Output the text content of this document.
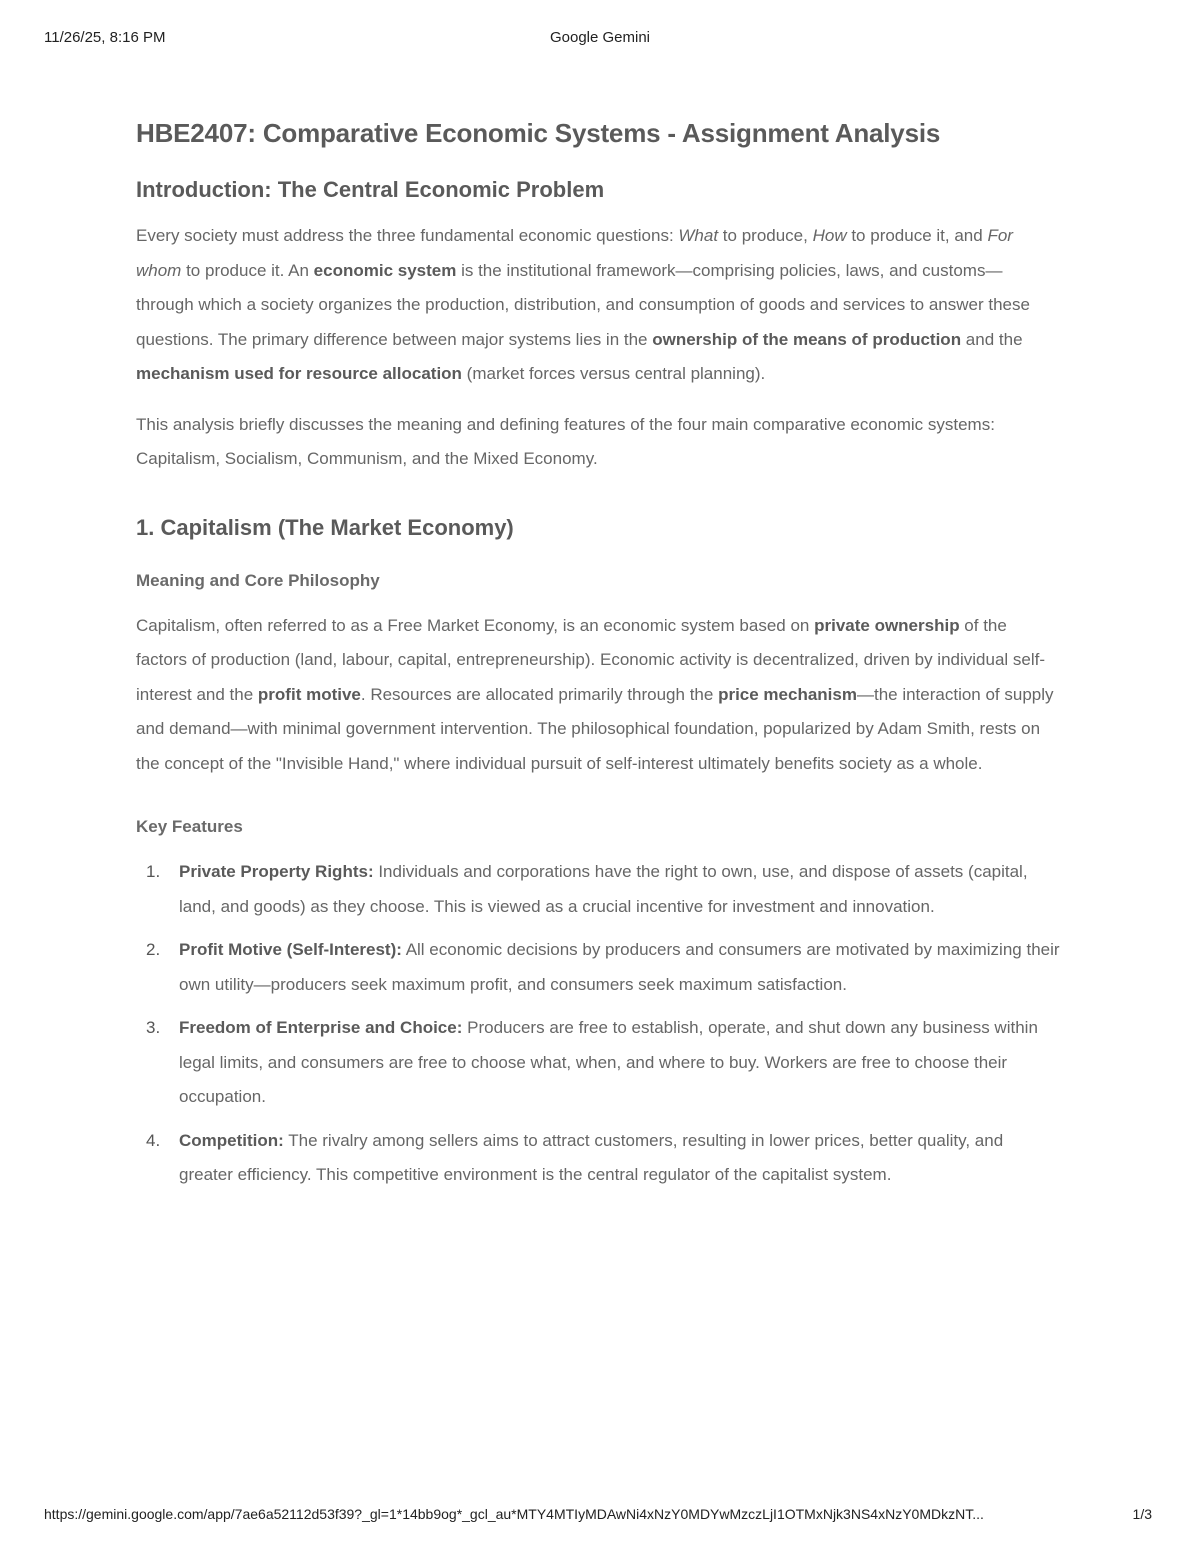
11/26/25, 8:16 PM	Google Gemini
HBE2407: Comparative Economic Systems - Assignment Analysis
Introduction: The Central Economic Problem

Every society must address the three fundamental economic questions: What to produce, How to produce it, and For whom to produce it. An economic system is the institutional framework—comprising policies, laws, and customs—through which a society organizes the production, distribution, and consumption of goods and services to answer these questions. The primary difference between major systems lies in the ownership of the means of production and the mechanism used for resource allocation (market forces versus central planning).

This analysis briefly discusses the meaning and defining features of the four main comparative economic systems: Capitalism, Socialism, Communism, and the Mixed Economy.

1. Capitalism (The Market Economy)
Meaning and Core Philosophy

Capitalism, often referred to as a Free Market Economy, is an economic system based on private ownership of the factors of production (land, labour, capital, entrepreneurship). Economic activity is decentralized, driven by individual self-interest and the profit motive. Resources are allocated primarily through the price mechanism—the interaction of supply and demand—with minimal government intervention. The philosophical foundation, popularized by Adam Smith, rests on the concept of the "Invisible Hand," where individual pursuit of self-interest ultimately benefits society as a whole.

Key Features
1. Private Property Rights: Individuals and corporations have the right to own, use, and dispose of assets (capital, land, and goods) as they choose. This is viewed as a crucial incentive for investment and innovation.
2. Profit Motive (Self-Interest): All economic decisions by producers and consumers are motivated by maximizing their own utility—producers seek maximum profit, and consumers seek maximum satisfaction.
3. Freedom of Enterprise and Choice: Producers are free to establish, operate, and shut down any business within legal limits, and consumers are free to choose what, when, and where to buy. Workers are free to choose their occupation.
4. Competition: The rivalry among sellers aims to attract customers, resulting in lower prices, better quality, and greater efficiency. This competitive environment is the central regulator of the capitalist system.
https://gemini.google.com/app/7ae6a52112d53f39?_gl=1*14bb9og*_gcl_au*MTY4MTIyMDAwNi4xNzY0MDYwMzczLjI1OTMxNjk3NS4xNzY0MDkzNT...	1/3
